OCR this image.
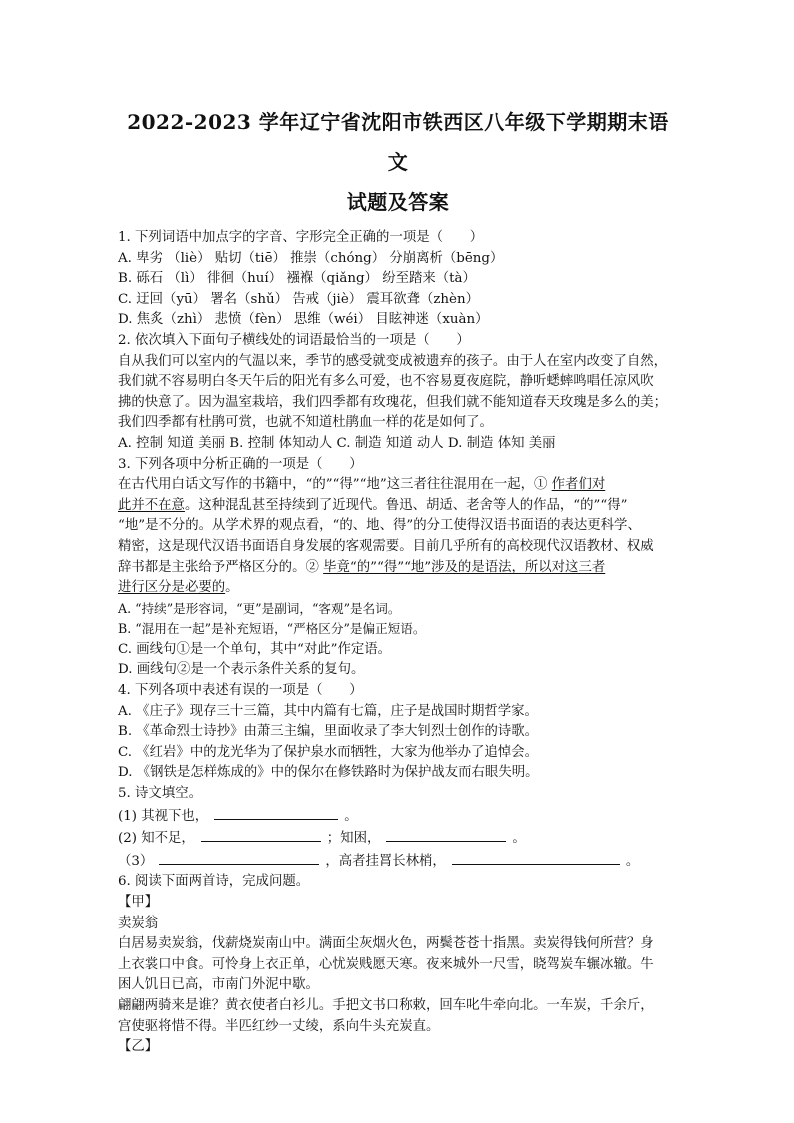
2022-2023 学年辽宁省沈阳市铁西区八年级下学期期末语文
试题及答案

1. 下列词语中加点字的字音、字形完全正确的一项是（　　）

A. 卑劣 （liè） 贴切（tiē） 推崇（chóng） 分崩离析（bēng）

B. 砾石 （lì） 徘徊（huí） 襁褓（qiǎng） 纷至踏来（tà）

C. 迂回（yū） 署名（shǔ） 告戒（jiè） 震耳欲聋（zhèn）

D. 焦炙（zhì） 悲愤（fèn） 思维（wéi） 目眩神迷（xuàn）

2. 依次填入下面句子横线处的词语最恰当的一项是（　　）

自从我们可以室内的气温以来，季节的感受就变成被遗弃的孩子。由于人在室内改变了自然，

我们就不容易明白冬天午后的阳光有多么可爱，也不容易夏夜庭院，静听蟋蟀鸣唱任凉风吹

拂的快意了。因为温室栽培，我们四季都有玫瑰花，但我们就不能知道春天玫瑰是多么的美；

我们四季都有杜鹃可赏，也就不知道杜鹃血一样的花是如何了。

A. 控制 知道 美丽 B. 控制 体知动人 C. 制造 知道 动人 D. 制造 体知 美丽

3. 下列各项中分析正确的一项是（　　）

在古代用白话文写作的书籍中，“的”“得”“地”这三者往往混用在一起，① 作者们对

此并不在意。这种混乱甚至持续到了近现代。鲁迅、胡适、老舍等人的作品，“的”“得”

“地”是不分的。从学术界的观点看，“的、地、得”的分工使得汉语书面语的表达更科学、

精密，这是现代汉语书面语自身发展的客观需要。目前几乎所有的高校现代汉语教材、权威

辞书都是主张给予严格区分的。② 毕竟“的”“得”“地”涉及的是语法，所以对这三者

进行区分是必要的。

A. “持续”是形容词，“更”是副词，“客观”是名词。

B. “混用在一起”是补充短语，“严格区分”是偏正短语。

C. 画线句①是一个单句，其中“对此”作定语。

D. 画线句②是一个表示条件关系的复句。

4. 下列各项中表述有误的一项是（　　）

A. 《庄子》现存三十三篇，其中内篇有七篇，庄子是战国时期哲学家。

B. 《革命烈士诗抄》由萧三主编，里面收录了李大钊烈士创作的诗歌。

C. 《红岩》中的龙光华为了保护泉水而牺牲，大家为他举办了追悼会。

D. 《钢铁是怎样炼成的》中的保尔在修铁路时为保护战友而右眼失明。

5. 诗文填空。

(1) 其视下也，	。

(2) 知不足，	；知困，	。

（3）	，高者挂罥长林梢，	。

6. 阅读下面两首诗，完成问题。

【甲】

卖炭翁

白居易卖炭翁，伐薪烧炭南山中。满面尘灰烟火色，两鬓苍苍十指黑。卖炭得钱何所营？身

上衣裳口中食。可怜身上衣正单，心忧炭贱愿天寒。夜来城外一尺雪，晓驾炭车辗冰辙。牛

困人饥日已高，市南门外泥中歇。

翩翩两骑来是谁？黄衣使者白衫儿。手把文书口称敕，回车叱牛牵向北。一车炭，千余斤，

宫使驱将惜不得。半匹红纱一丈绫，系向牛头充炭直。

【乙】
